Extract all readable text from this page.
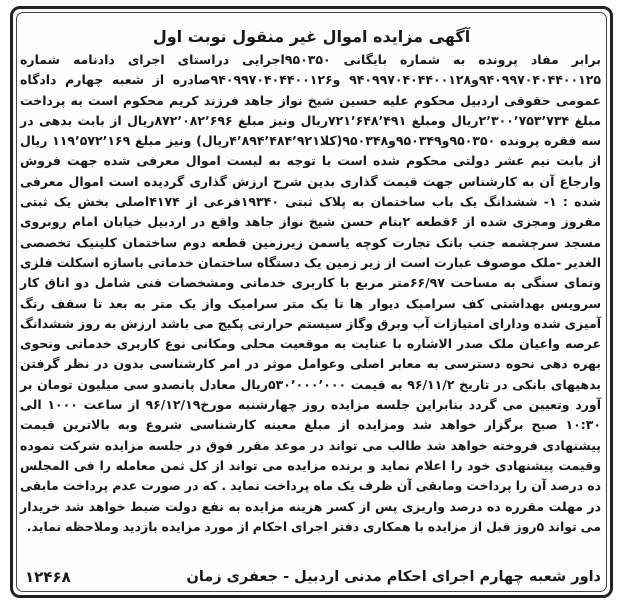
آگهی مزایده اموال غیر منقول نوبت اول

برابر مفاد پرونده به شماره بایگانی ۹۵۰۳۵۰اجرایی دراستای اجرای دادنامه شماره ۹۴۰۹۹۷۰۴۰۴۴۰۰۱۲۵و۹۴۰۹۹۷۰۴۰۴۴۰۰۱۲۸ و۹۴۰۹۹۷۰۴۰۴۴۰۰۱۲۶صادره از شعبه چهارم دادگاه عمومی حقوقی اردبیل محکوم علیه حسین شیخ نواز جاهد فرزند کریم محکوم است به پرداخت مبلغ ۲٬۳۰۰٬۷۵۳٬۷۳۴ریال ومبلغ ۷۲۱٬۶۴۸٬۴۹۱ریال ونیز مبلغ ۸۷۲٬۰۸۲٬۶۹۶ریال از بابت بدهی در سه فقره پرونده ۹۵۰۳۵۰و۹۵۰۳۴۹و۹۵۰۳۴۸(کلا۴٬۸۹۴٬۴۸۴٬۹۲۱ریال) ونیز مبلغ ۱۱۹٬۵۷۲٬۱۶۹ ریال از بابت نیم عشر دولتی محکوم شده است با توجه به لیست اموال معرفی شده جهت فروش وارجاع آن به کارشناس جهت قیمت گذاری بدین شرح ارزش گذاری گردیده است اموال معرفی شده : ۱- ششدانگ یک باب ساختمان به پلاک ثبتی ۱۹۳۴۰فرعی از ۴۱۷۴اصلی بخش یک ثبتی مفروز ومجزی شده از ۶قطعه ۲بنام حسن شیخ نواز جاهد واقع در اردبیل خیابان امام روبروی مسجد سرچشمه جنب بانک تجارت کوچه یاسمن زیرزمین قطعه دوم ساختمان کلینیک تخصصی الغدیر -ملک موصوف عبارت است از زیر زمین یک دستگاه ساختمان خدماتی باسازه اسکلت فلزی ونمای سنگی به مساحت ۶۶/۹۷متر مربع با کاربری خدماتی ومشخصات فنی شامل دو اتاق کار سرویس بهداشتی کف سرامیک دیوار ها تا یک متر سرامیک واز یک متر به بعد تا سقف رنگ آمیزی شده ودارای امتیازات آب وبرق وگاز سیستم حرارتی پکیج می باشد ارزش به روز ششدانگ عرصه واعیان ملک صدر الاشاره با عنایت به موقعیت محلی ومکانی نوع کاربری خدماتی ونحوی بهره دهی نحوه دسترسی به معابر اصلی وعوامل موثر در امر کارشناسی بدون در نظر گرفتن بدهیهای بانکی در تاریخ ۹۶/۱۱/۲ به قیمت ۵۳۰٬۰۰۰٬۰۰۰ریال معادل پانصدو سی میلیون تومان بر آورد وتعیین می گردد بنابراین جلسه مزایده روز چهارشنبه مورخ۹۶/۱۲/۱۹ از ساعت ۱۰۰۰ الی ۱۰:۳۰ صبح برگزار خواهد شد ومزایده از مبلغ معینه کارشناسی شروع وبه بالاترین قیمت پیشنهادی فروخته خواهد شد طالب می تواند در موعد مقرر فوق در جلسه مزایده شرکت نموده وقیمت پیشنهادی خود را اعلام نماید و برنده مزایده می تواند از کل ثمن معامله را فی المجلس ده درصد آن را پرداخت ومابقی آن ظرف یک ماه پرداخت نماید . که در صورت عدم پرداخت مابقی در مهلت مقرره ده درصد واریزی پس از کسر هزینه مزایده به نفع دولت ضبط خواهد شد خریدار می تواند ۵روز قبل از مزایده با همکاری دفتر اجرای احکام از مورد مزایده بازدید وملاحظه نماید.

داور شعبه چهارم اجرای احکام مدنی اردبیل - جعفری زمان
۱۲۴۶۸
